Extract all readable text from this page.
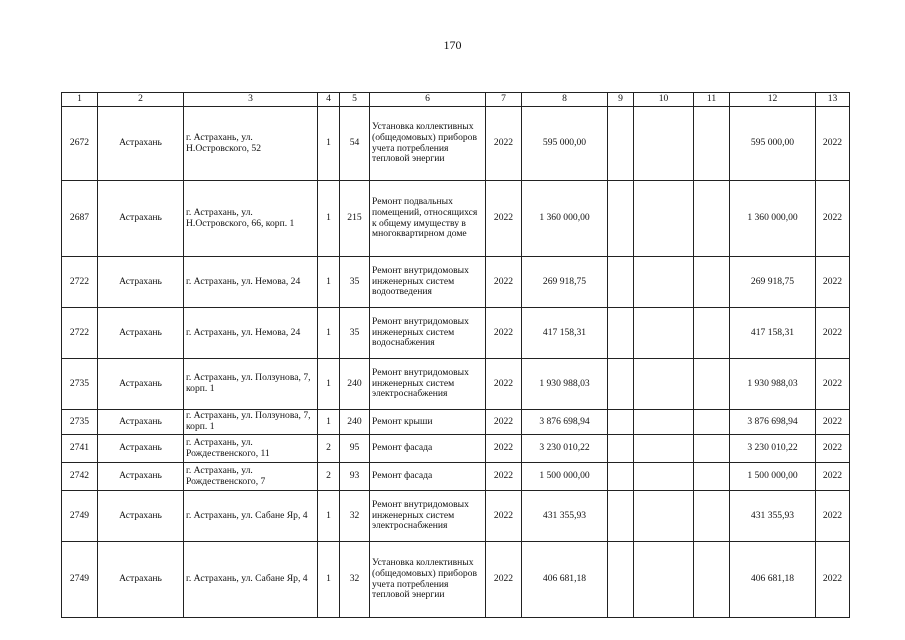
170
1	2	3	4	5	6	7	8	9	10	11	12	13
2672	Астрахань	г. Астрахань, ул. Н.Островского, 52	1	54	Установка коллективных (общедомовых) приборов учета потребления тепловой энергии	2022	595 000,00				595 000,00	2022
2687	Астрахань	г. Астрахань, ул. Н.Островского, 66, корп. 1	1	215	Ремонт подвальных помещений, относящихся к общему имуществу в многоквартирном доме	2022	1 360 000,00				1 360 000,00	2022
2722	Астрахань	г. Астрахань, ул. Немова, 24	1	35	Ремонт внутридомовых инженерных систем водоотведения	2022	269 918,75				269 918,75	2022
2722	Астрахань	г. Астрахань, ул. Немова, 24	1	35	Ремонт внутридомовых инженерных систем водоснабжения	2022	417 158,31				417 158,31	2022
2735	Астрахань	г. Астрахань, ул. Ползунова, 7, корп. 1	1	240	Ремонт внутридомовых инженерных систем электроснабжения	2022	1 930 988,03				1 930 988,03	2022
2735	Астрахань	г. Астрахань, ул. Ползунова, 7, корп. 1	1	240	Ремонт крыши	2022	3 876 698,94				3 876 698,94	2022
2741	Астрахань	г. Астрахань, ул. Рождественского, 11	2	95	Ремонт фасада	2022	3 230 010,22				3 230 010,22	2022
2742	Астрахань	г. Астрахань, ул. Рождественского, 7	2	93	Ремонт фасада	2022	1 500 000,00				1 500 000,00	2022
2749	Астрахань	г. Астрахань, ул. Сабане Яр, 4	1	32	Ремонт внутридомовых инженерных систем электроснабжения	2022	431 355,93				431 355,93	2022
2749	Астрахань	г. Астрахань, ул. Сабане Яр, 4	1	32	Установка коллективных (общедомовых) приборов учета потребления тепловой энергии	2022	406 681,18				406 681,18	2022
